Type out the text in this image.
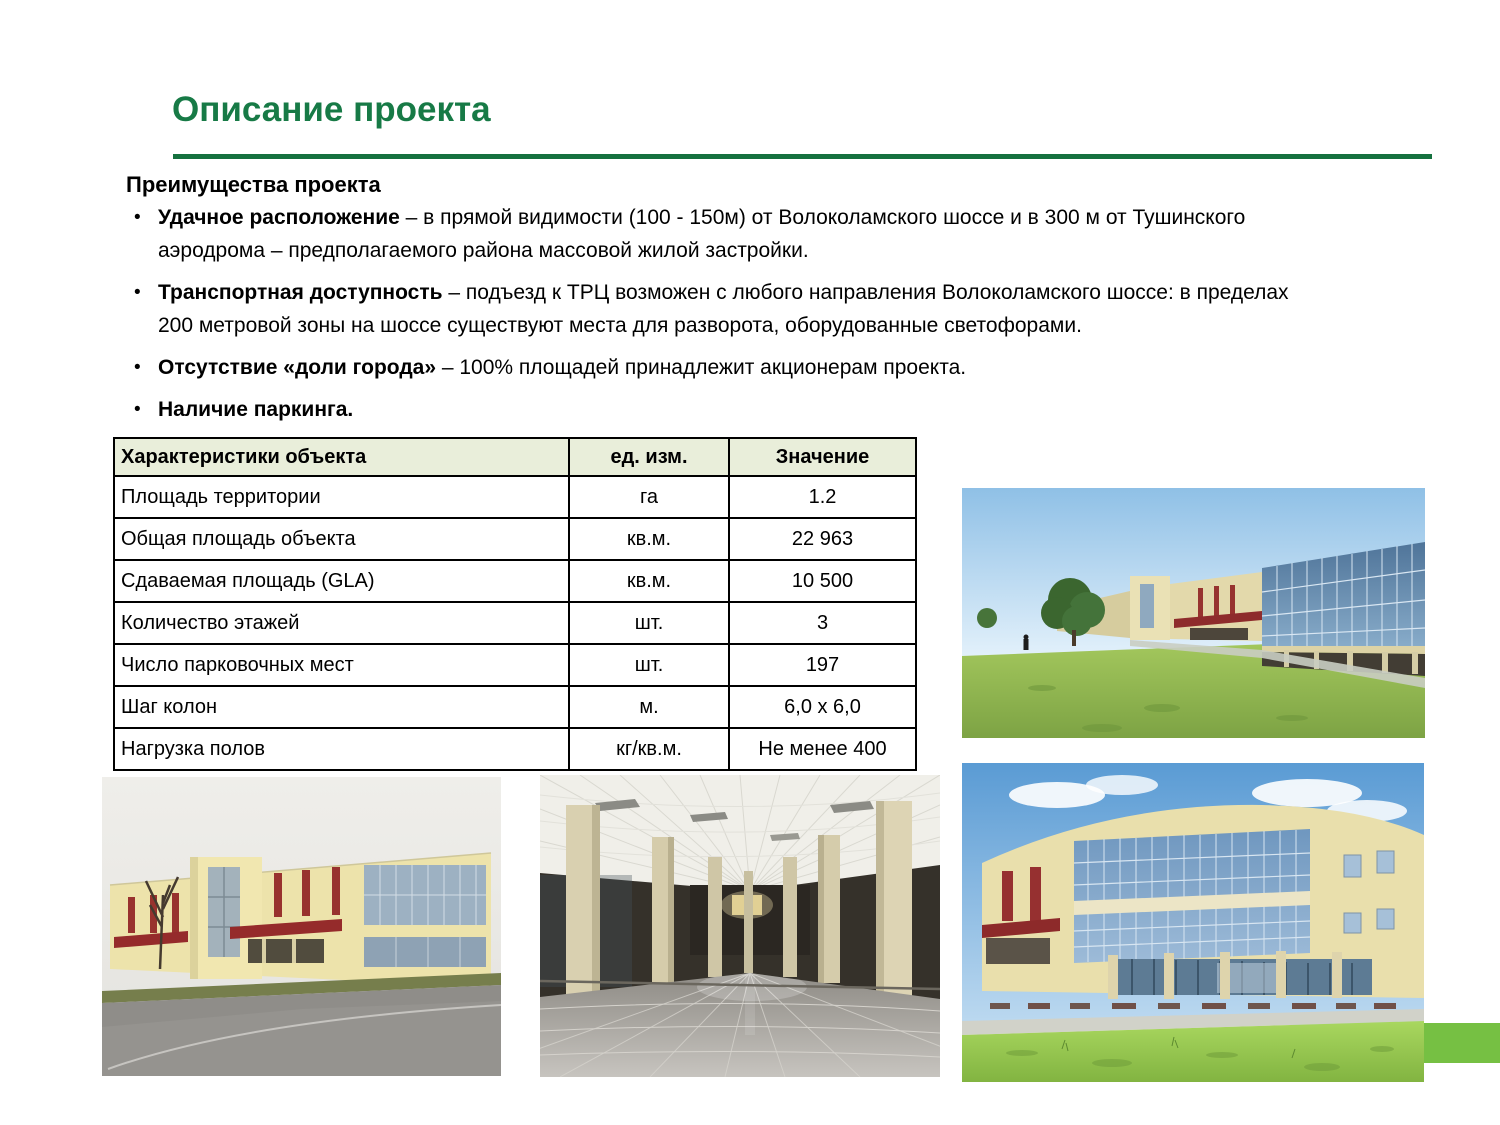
Описание проекта
Преимущества проекта
• Удачное расположение – в прямой видимости (100 - 150м) от Волоколамского шоссе и в 300 м от Тушинского аэродрома – предполагаемого района массовой жилой застройки.
• Транспортная доступность – подъезд к ТРЦ возможен с любого направления Волоколамского шоссе: в пределах 200 метровой зоны на шоссе существуют места для разворота, оборудованные светофорами.
• Отсутствие «доли города» – 100% площадей принадлежит акционерам проекта.
• Наличие паркинга.
Характеристики объекта	ед. изм.	Значение
Площадь территории	га	1.2
Общая площадь объекта	кв.м.	22 963
Сдаваемая площадь (GLA)	кв.м.	10 500
Количество этажей	шт.	3
Число парковочных мест	шт.	197
Шаг колон	м.	6,0 x 6,0
Нагрузка полов	кг/кв.м.	Не менее 400
